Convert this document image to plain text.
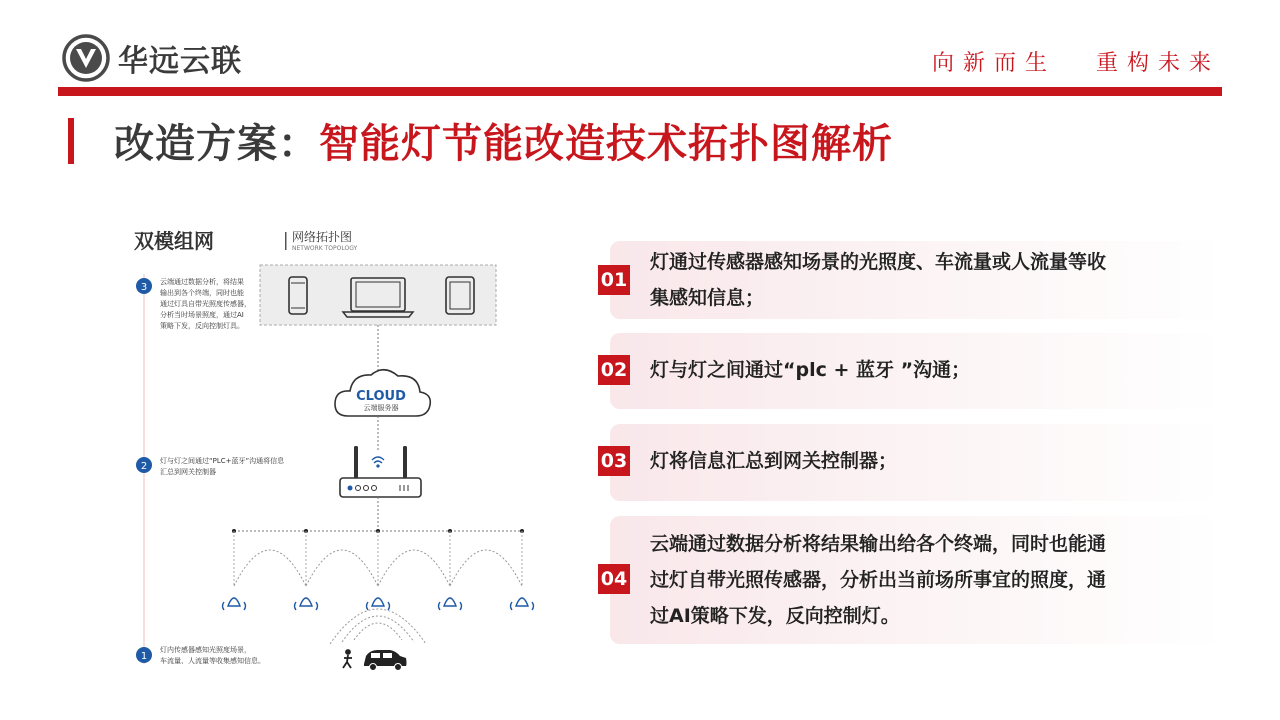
华远云联	向新而生 重构未来
改造方案：智能灯节能改造技术拓扑图解析
双模组网	网络拓扑图
NETWORK TOPOLOGY
3 云端通过数据分析，将结果
输出到各个终端，同时也能
通过灯具自带光照度传感器，
分析当时场景照度，通过AI
策略下发，反向控制灯具。
CLOUD
云端服务器
2 灯与灯之间通过“PLC+蓝牙”沟通将信息
汇总到网关控制器
1
灯内传感器感知光照度场景，
车流量、人流量等收集感知信息。
01
灯通过传感器感知场景的光照度、车流量或人流量等收
集感知信息；
02 灯与灯之间通过“plc + 蓝牙 ”沟通；
03 灯将信息汇总到网关控制器；
04
云端通过数据分析将结果输出给各个终端，同时也能通
过灯自带光照传感器，分析出当前场所事宜的照度，通
过AI策略下发，反向控制灯。
